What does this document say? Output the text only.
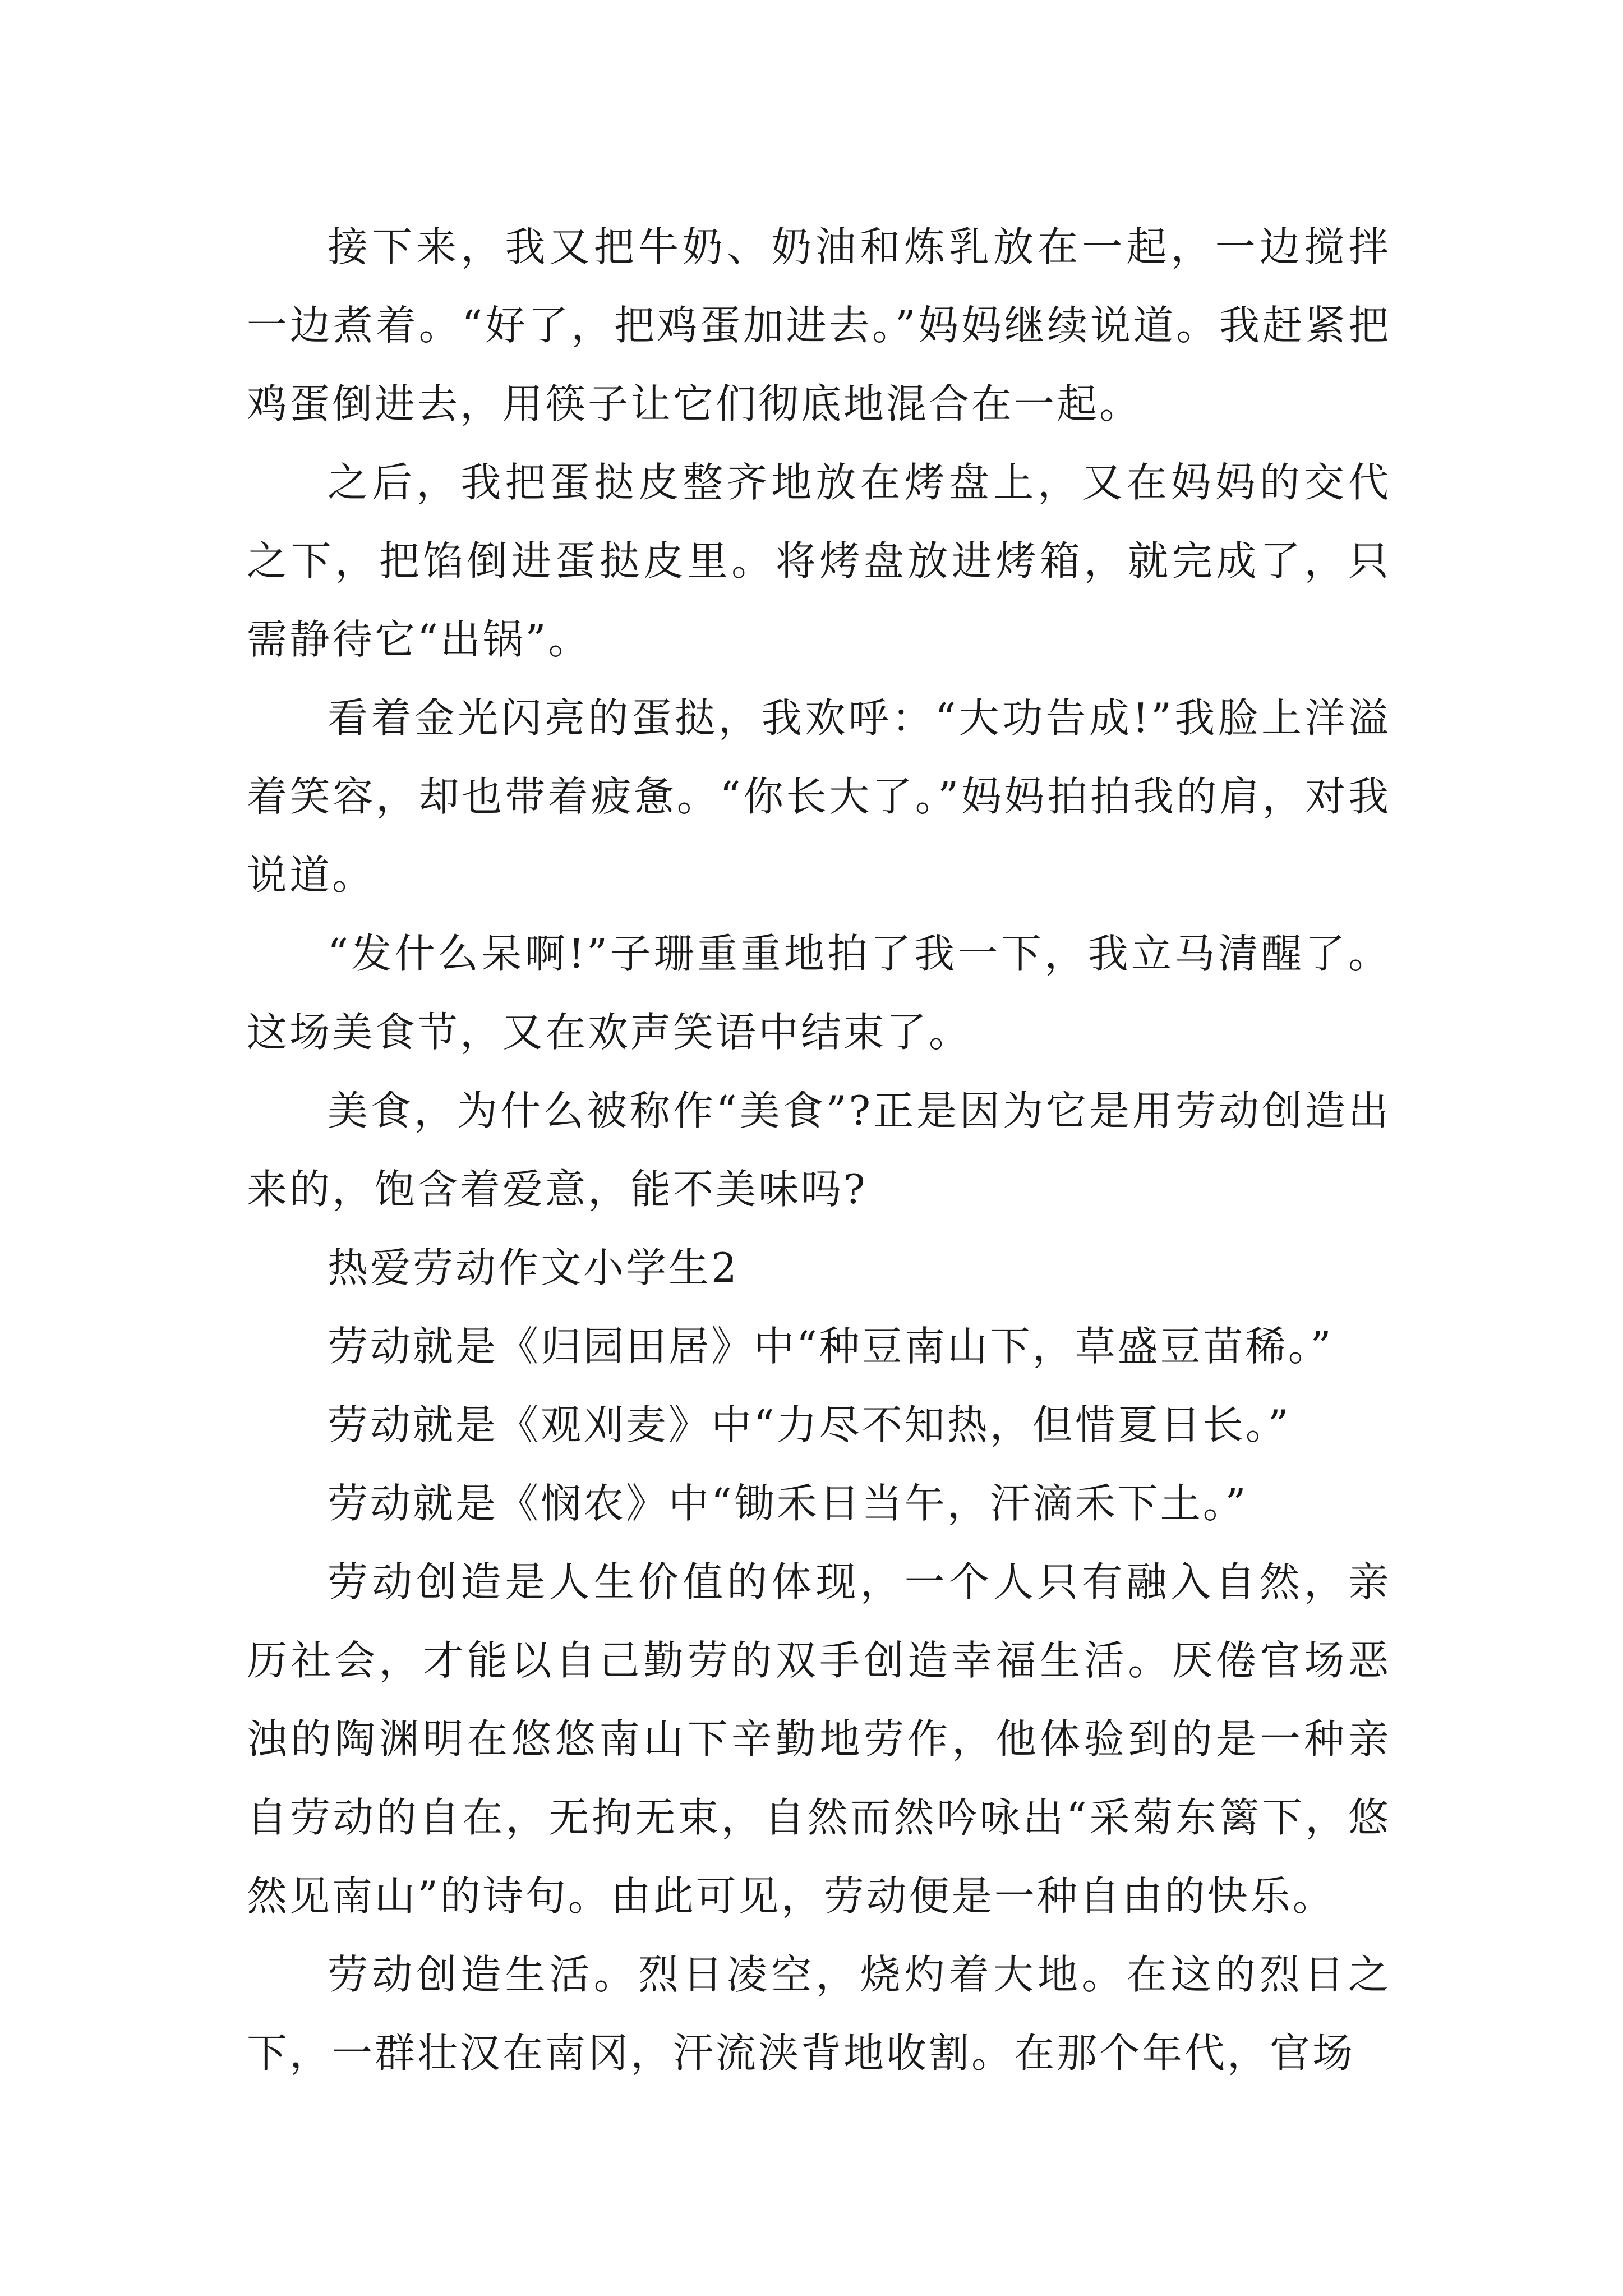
接下来，我又把牛奶、奶油和炼乳放在一起，一边搅拌一边煮着。“好了，把鸡蛋加进去。”妈妈继续说道。我赶紧把鸡蛋倒进去，用筷子让它们彻底地混合在一起。

之后，我把蛋挞皮整齐地放在烤盘上，又在妈妈的交代之下，把馅倒进蛋挞皮里。将烤盘放进烤箱，就完成了，只需静待它“出锅”。

看着金光闪亮的蛋挞，我欢呼：“大功告成!”我脸上洋溢着笑容，却也带着疲惫。“你长大了。”妈妈拍拍我的肩，对我说道。

“发什么呆啊!”子珊重重地拍了我一下，我立马清醒了。这场美食节，又在欢声笑语中结束了。

美食，为什么被称作“美食”?正是因为它是用劳动创造出来的，饱含着爱意，能不美味吗?

热爱劳动作文小学生2

劳动就是《归园田居》中“种豆南山下，草盛豆苗稀。”

劳动就是《观刈麦》中“力尽不知热，但惜夏日长。”

劳动就是《悯农》中“锄禾日当午，汗滴禾下土。”

劳动创造是人生价值的体现，一个人只有融入自然，亲历社会，才能以自己勤劳的双手创造幸福生活。厌倦官场恶浊的陶渊明在悠悠南山下辛勤地劳作，他体验到的是一种亲自劳动的自在，无拘无束，自然而然吟咏出“采菊东篱下，悠然见南山”的诗句。由此可见，劳动便是一种自由的快乐。

劳动创造生活。烈日凌空，烧灼着大地。在这的烈日之下，一群壮汉在南冈，汗流浃背地收割。在那个年代，官场
